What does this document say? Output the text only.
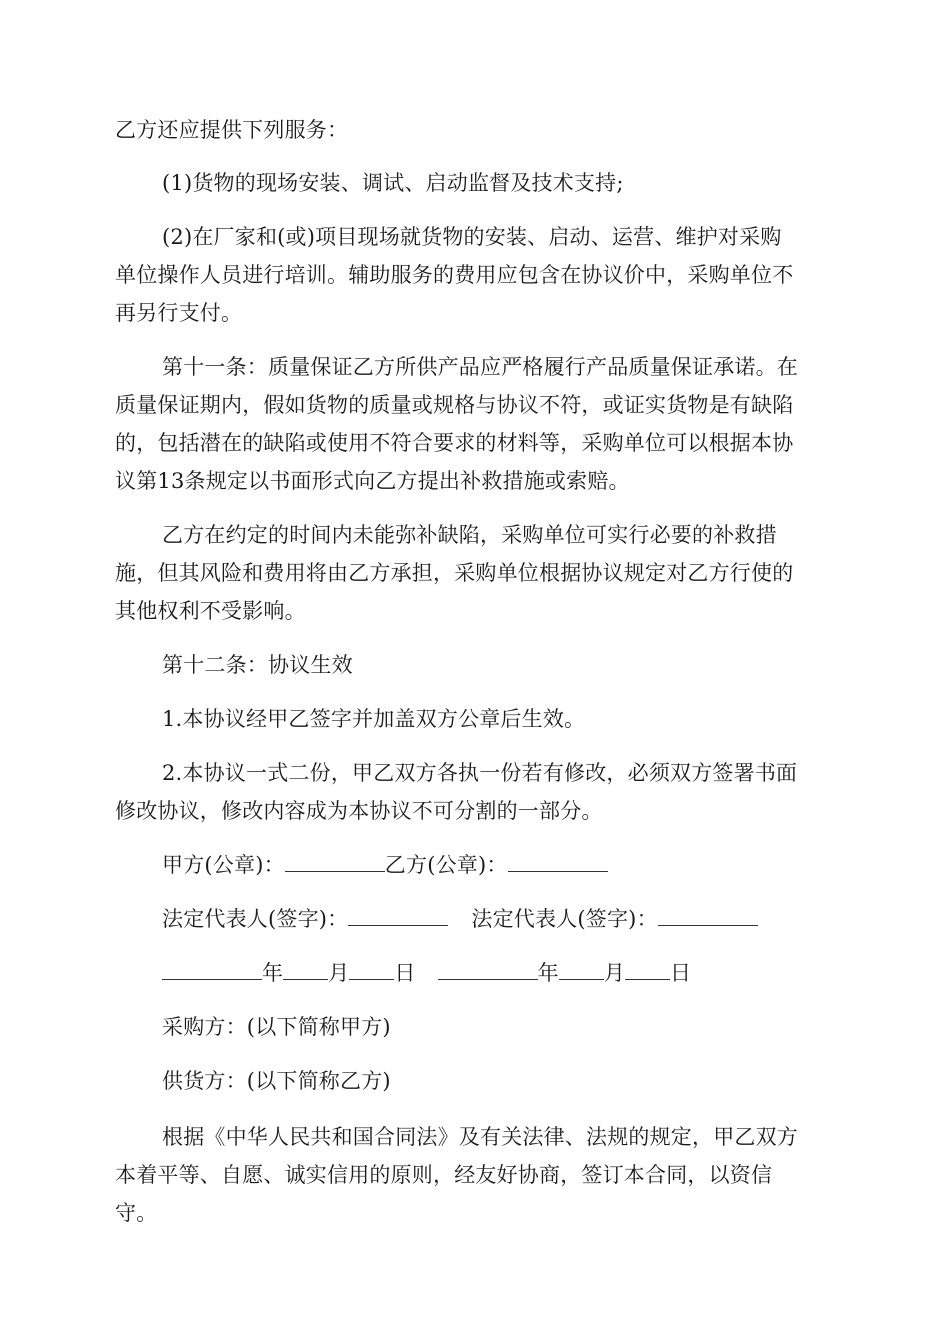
乙方还应提供下列服务：
(1)货物的现场安装、调试、启动监督及技术支持;
(2)在厂家和(或)项目现场就货物的安装、启动、运营、维护对采购
单位操作人员进行培训。辅助服务的费用应包含在协议价中，采购单位不
再另行支付。
第十一条：质量保证乙方所供产品应严格履行产品质量保证承诺。在
质量保证期内，假如货物的质量或规格与协议不符，或证实货物是有缺陷
的，包括潜在的缺陷或使用不符合要求的材料等，采购单位可以根据本协
议第13条规定以书面形式向乙方提出补救措施或索赔。
乙方在约定的时间内未能弥补缺陷，采购单位可实行必要的补救措
施，但其风险和费用将由乙方承担，采购单位根据协议规定对乙方行使的
其他权利不受影响。
第十二条：协议生效
1.本协议经甲乙签字并加盖双方公章后生效。
2.本协议一式二份，甲乙双方各执一份若有修改，必须双方签署书面
修改协议，修改内容成为本协议不可分割的一部分。
甲方(公章)：	乙方(公章)：
法定代表人(签字)：	法定代表人(签字)：
年 月 日	年 月 日
采购方：(以下简称甲方)
供货方：(以下简称乙方)
根据《中华人民共和国合同法》及有关法律、法规的规定，甲乙双方
本着平等、自愿、诚实信用的原则，经友好协商，签订本合同，以资信
守。
